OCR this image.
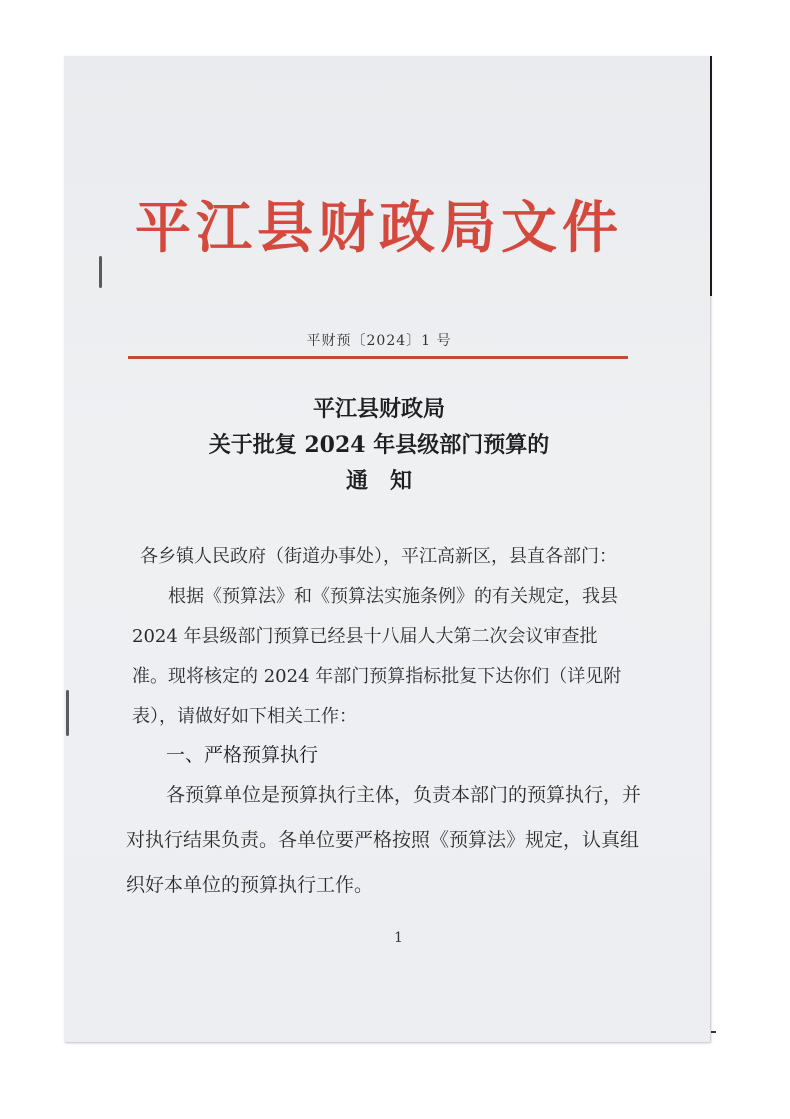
平江县财政局文件
平财预〔2024〕1 号
平江县财政局
关于批复 2024 年县级部门预算的
通　知
各乡镇人民政府（街道办事处），平江高新区，县直各部门：
根据《预算法》和《预算法实施条例》的有关规定，我县
2024 年县级部门预算已经县十八届人大第二次会议审查批
准。现将核定的 2024 年部门预算指标批复下达你们（详见附
表），请做好如下相关工作：
一、严格预算执行
各预算单位是预算执行主体，负责本部门的预算执行，并
对执行结果负责。各单位要严格按照《预算法》规定，认真组
织好本单位的预算执行工作。
1
